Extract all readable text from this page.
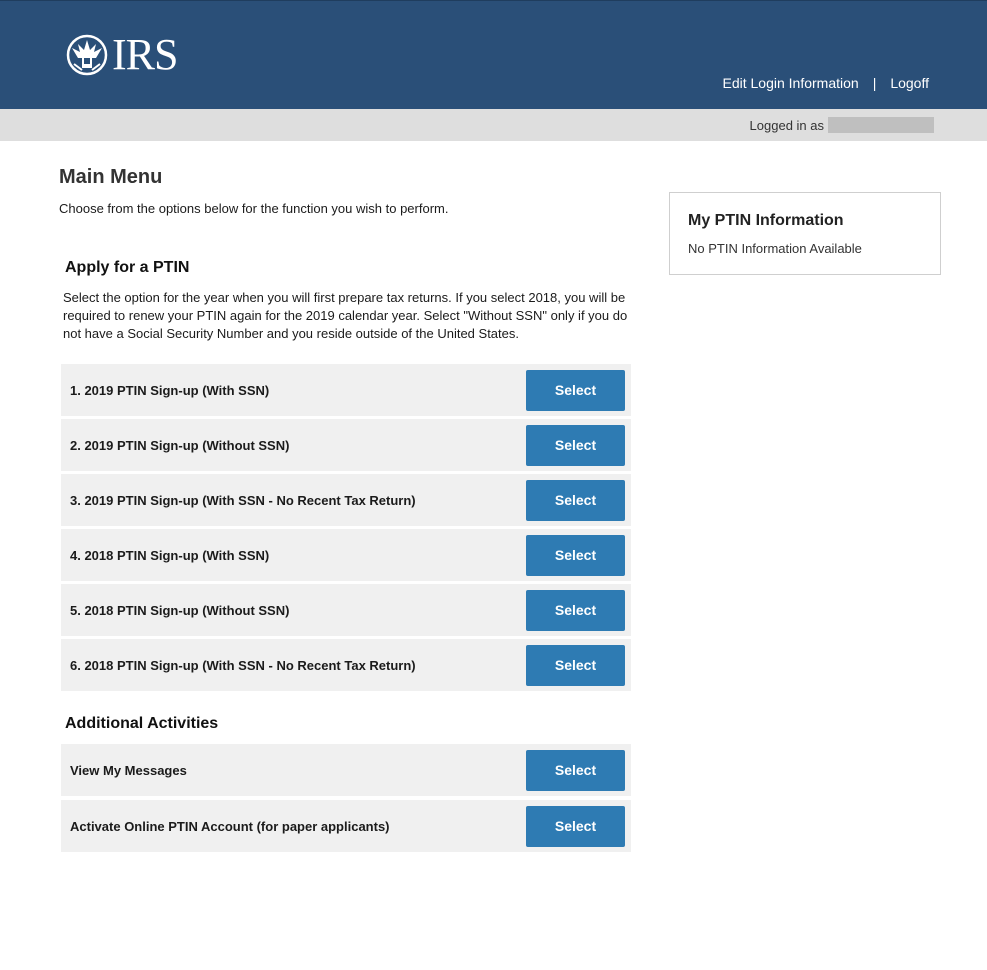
IRS
Edit Login Information | Logoff
Logged in as
Main Menu

Choose from the options below for the function you wish to perform.

Apply for a PTIN

Select the option for the year when you will first prepare tax returns. If you select 2018, you will be required to renew your PTIN again for the 2019 calendar year. Select "Without SSN" only if you do not have a Social Security Number and you reside outside of the United States.

1. 2019 PTIN Sign-up (With SSN)	Select
2. 2019 PTIN Sign-up (Without SSN)	Select
3. 2019 PTIN Sign-up (With SSN - No Recent Tax Return)	Select
4. 2018 PTIN Sign-up (With SSN)	Select
5. 2018 PTIN Sign-up (Without SSN)	Select
6. 2018 PTIN Sign-up (With SSN - No Recent Tax Return)	Select
Additional Activities
View My Messages	Select
Activate Online PTIN Account (for paper applicants)	Select
My PTIN Information

No PTIN Information Available
